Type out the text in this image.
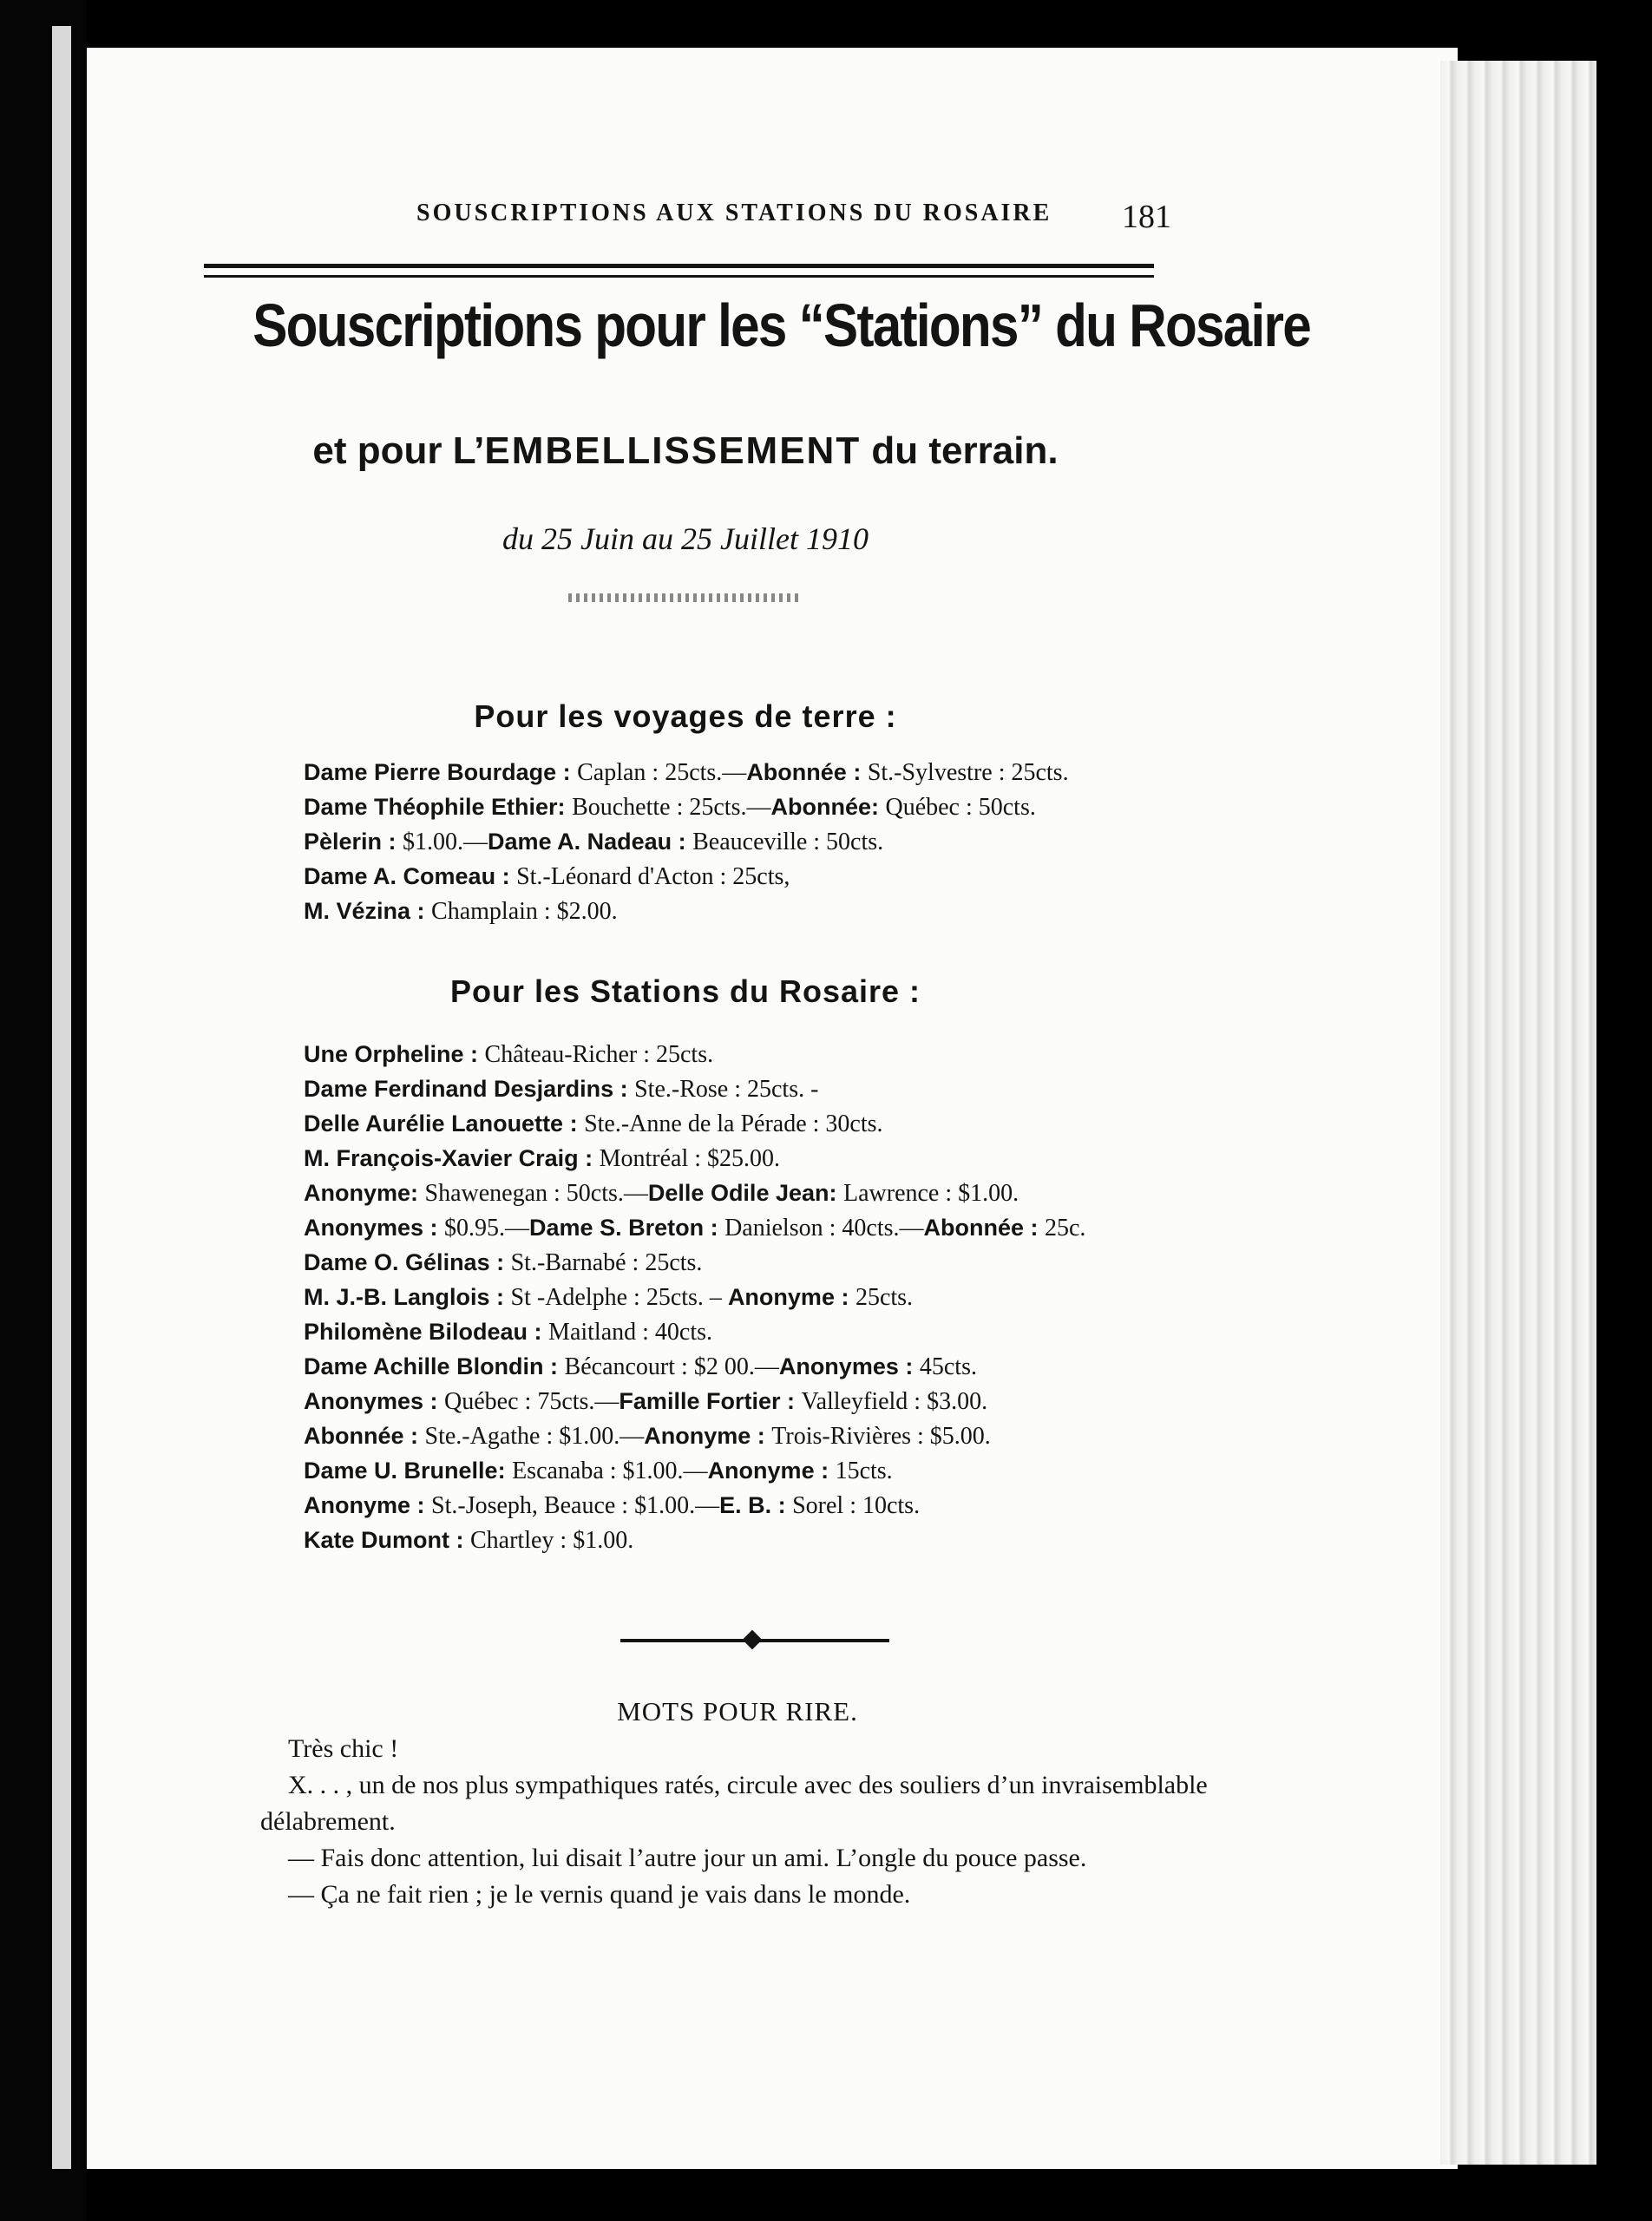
SOUSCRIPTIONS AUX STATIONS DU ROSAIRE	181
Souscriptions pour les “Stations” du Rosaire
et pour L’EMBELLISSEMENT du terrain.
du 25 Juin au 25 Juillet 1910
Pour les voyages de terre :
Dame Pierre Bourdage : Caplan : 25cts.—Abonnée : St.-Sylvestre : 25cts.
Dame Théophile Ethier: Bouchette : 25cts.—Abonnée: Québec : 50cts.
Pèlerin : $1.00.—Dame A. Nadeau : Beauceville : 50cts.
Dame A. Comeau : St.-Léonard d'Acton : 25cts,
M. Vézina : Champlain : $2.00.
Pour les Stations du Rosaire :
Une Orpheline : Château-Richer : 25cts.
Dame Ferdinand Desjardins : Ste.-Rose : 25cts. -
Delle Aurélie Lanouette : Ste.-Anne de la Pérade : 30cts.
M. François-Xavier Craig : Montréal : $25.00.
Anonyme: Shawenegan : 50cts.—Delle Odile Jean: Lawrence : $1.00.
Anonymes : $0.95.—Dame S. Breton : Danielson : 40cts.—Abonnée : 25c.
Dame O. Gélinas : St.-Barnabé : 25cts.
M. J.-B. Langlois : St -Adelphe : 25cts. – Anonyme : 25cts.
Philomène Bilodeau : Maitland : 40cts.
Dame Achille Blondin : Bécancourt : $2 00.—Anonymes : 45cts.
Anonymes : Québec : 75cts.—Famille Fortier : Valleyfield : $3.00.
Abonnée : Ste.-Agathe : $1.00.—Anonyme : Trois-Rivières : $5.00.
Dame U. Brunelle: Escanaba : $1.00.—Anonyme : 15cts.
Anonyme : St.-Joseph, Beauce : $1.00.—E. B. : Sorel : 10cts.
Kate Dumont : Chartley : $1.00.
MOTS POUR RIRE.

Très chic !

X. . . , un de nos plus sympathiques ratés, circule avec des souliers d’un invraisemblable délabrement.

— Fais donc attention, lui disait l’autre jour un ami. L’ongle du pouce passe.

— Ça ne fait rien ; je le vernis quand je vais dans le monde.
